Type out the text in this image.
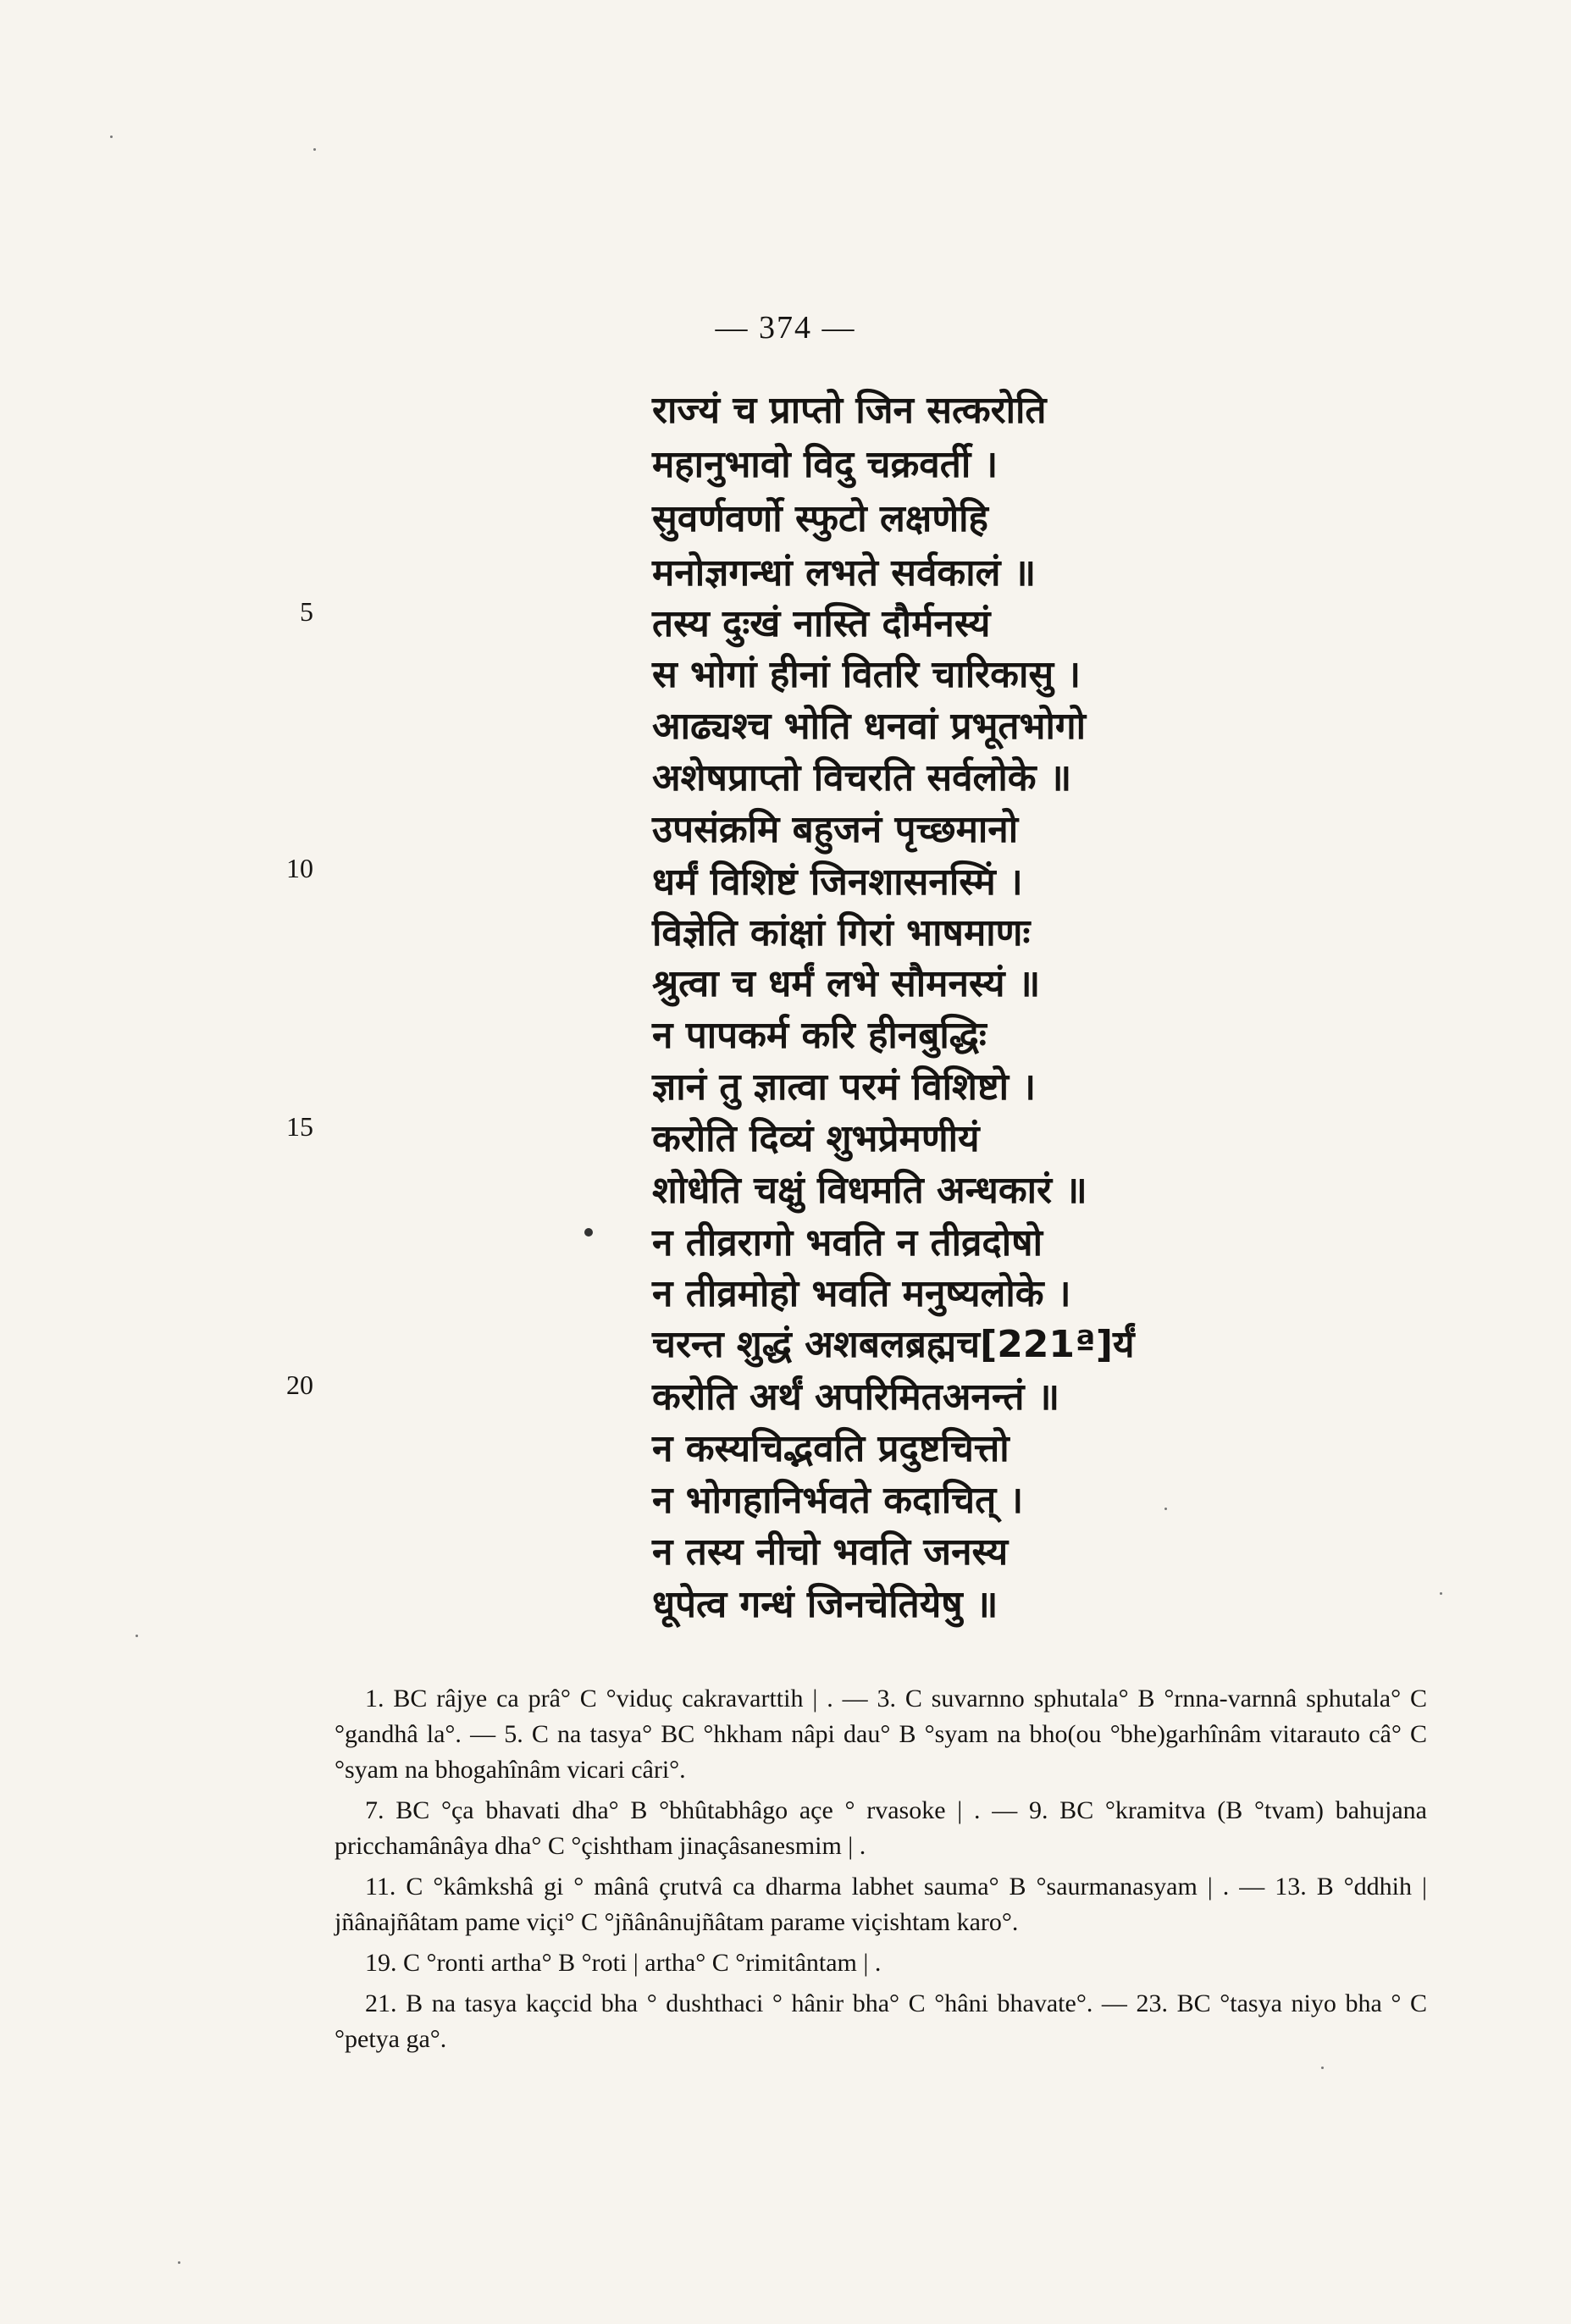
— 374 —
राज्यं च प्राप्तो जिन सत्करोति
महानुभावो विदु चक्रवर्ती ।
सुवर्णवर्णो स्फुटो लक्षणेहि
मनोज्ञगन्धां लभते सर्वकालं ॥
तस्य दुःखं नास्ति दौर्मनस्यं
स भोगां हीनां वितरि चारिकासु ।
आढ्यश्च भोति धनवां प्रभूतभोगो
अशेषप्राप्तो विचरति सर्वलोके ॥
उपसंक्रमि बहुजनं पृच्छमानो
धर्मं विशिष्टं जिनशासनस्मिं ।
विज्ञेति कांक्षां गिरां भाषमाणः
श्रुत्वा च धर्मं लभे सौमनस्यं ॥
न पापकर्म करि हीनबुद्धिः
ज्ञानं तु ज्ञात्वा परमं विशिष्टो ।
करोति दिव्यं शुभप्रेमणीयं
शोधेति चक्षुं विधमति अन्धकारं ॥
न तीव्ररागो भवति न तीव्रदोषो
न तीव्रमोहो भवति मनुष्यलोके ।
चरन्त शुद्धं अशबलब्रह्मच[221ª]र्यं
करोति अर्थं अपरिमितअनन्तं ॥
न कस्यचिद्भवति प्रदुष्टचित्तो
न भोगहानिर्भवते कदाचित् ।
न तस्य नीचो भवति जनस्य
धूपेत्व गन्धं जिनचेतियेषु ॥
5
10
15
20

1. BC râjye ca prâ° C °viduç cakravarttih | . — 3. C suvarnno sphutala° B °rnna-varnnâ sphutala° C °gandhâ la°. — 5. C na tasya° BC °hkham nâpi dau° B °syam na bho(ou °bhe)garhînâm vitarauto câ° C °syam na bhogahînâm vicari câri°.

7. BC °ça bhavati dha° B °bhûtabhâgo açe ° rvasoke | . — 9. BC °kramitva (B °tvam) bahujana pricchamânâya dha° C °çishtham jinaçâsanesmim | .

11. C °kâmkshâ gi ° mânâ çrutvâ ca dharma labhet sauma° B °saurmanasyam | . — 13. B °ddhih | jñânajñâtam pame viçi° C °jñânânujñâtam parame viçishtam karo°.

19. C °ronti artha° B °roti | artha° C °rimitântam | .

21. B na tasya kaçcid bha ° dushthaci ° hânir bha° C °hâni bhavate°. — 23. BC °tasya niyo bha ° C °petya ga°.
